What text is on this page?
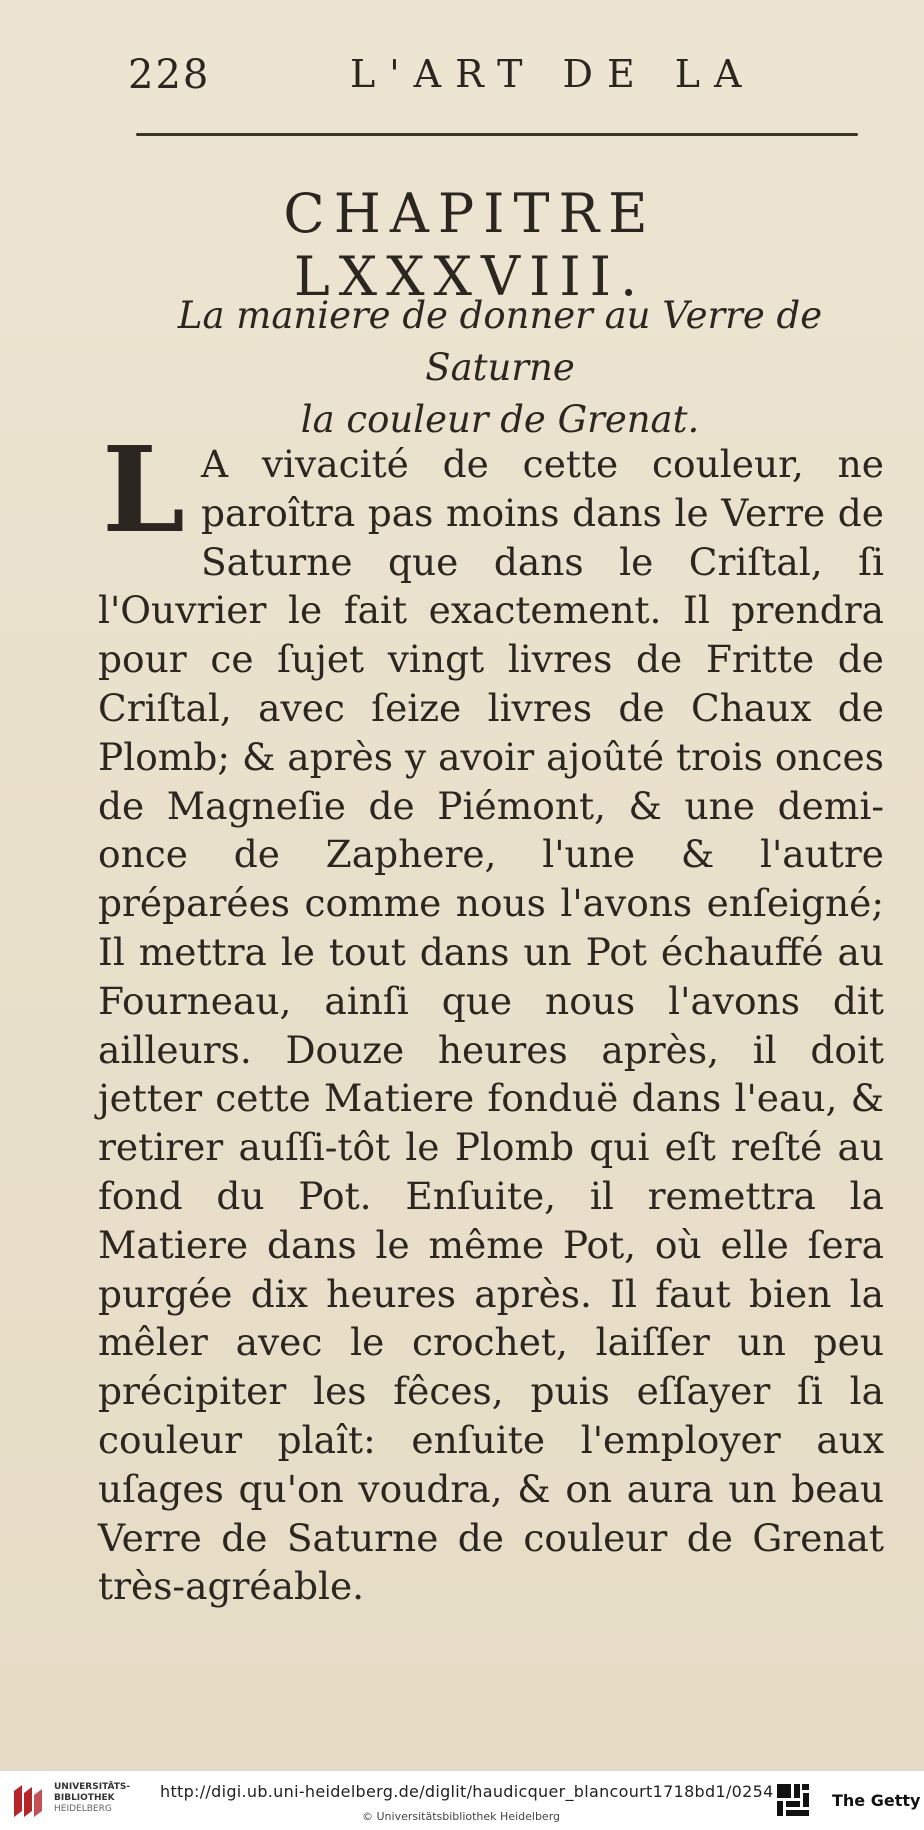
228	L'ART DE LA
CHAPITRE LXXXVIII.
La maniere de donner au Verre de Saturne
la couleur de Grenat.

L A vivacité de cette couleur, ne paroîtra pas moins dans le Verre de Saturne que dans le Criſtal, ſi l'Ouvrier le fait exactement. Il prendra pour ce ſujet vingt livres de Fritte de Criſtal, avec ſeize livres de Chaux de Plomb; & après y avoir ajoûté trois onces de Magneſie de Piémont, & une demi-once de Zaphere, l'une & l'autre préparées comme nous l'avons enſeigné; Il mettra le tout dans un Pot échauffé au Fourneau, ainſi que nous l'avons dit ailleurs. Douze heures après, il doit jetter cette Matiere fonduë dans l'eau, & retirer auſſi-tôt le Plomb qui eſt reſté au fond du Pot. Enſuite, il remettra la Matiere dans le même Pot, où elle ſera purgée dix heures après. Il faut bien la mêler avec le crochet, laiſſer un peu précipiter les fêces, puis eſſayer ſi la couleur plaît: enſuite l'employer aux uſages qu'on voudra, & on aura un beau Verre de Saturne de couleur de Grenat très-agréable.

UNIVERSITÄTS-
BIBLIOTHEK
HEIDELBERG
http://digi.ub.uni-heidelberg.de/diglit/haudicquer_blancourt1718bd1/0254
© Universitätsbibliothek Heidelberg
The Getty
